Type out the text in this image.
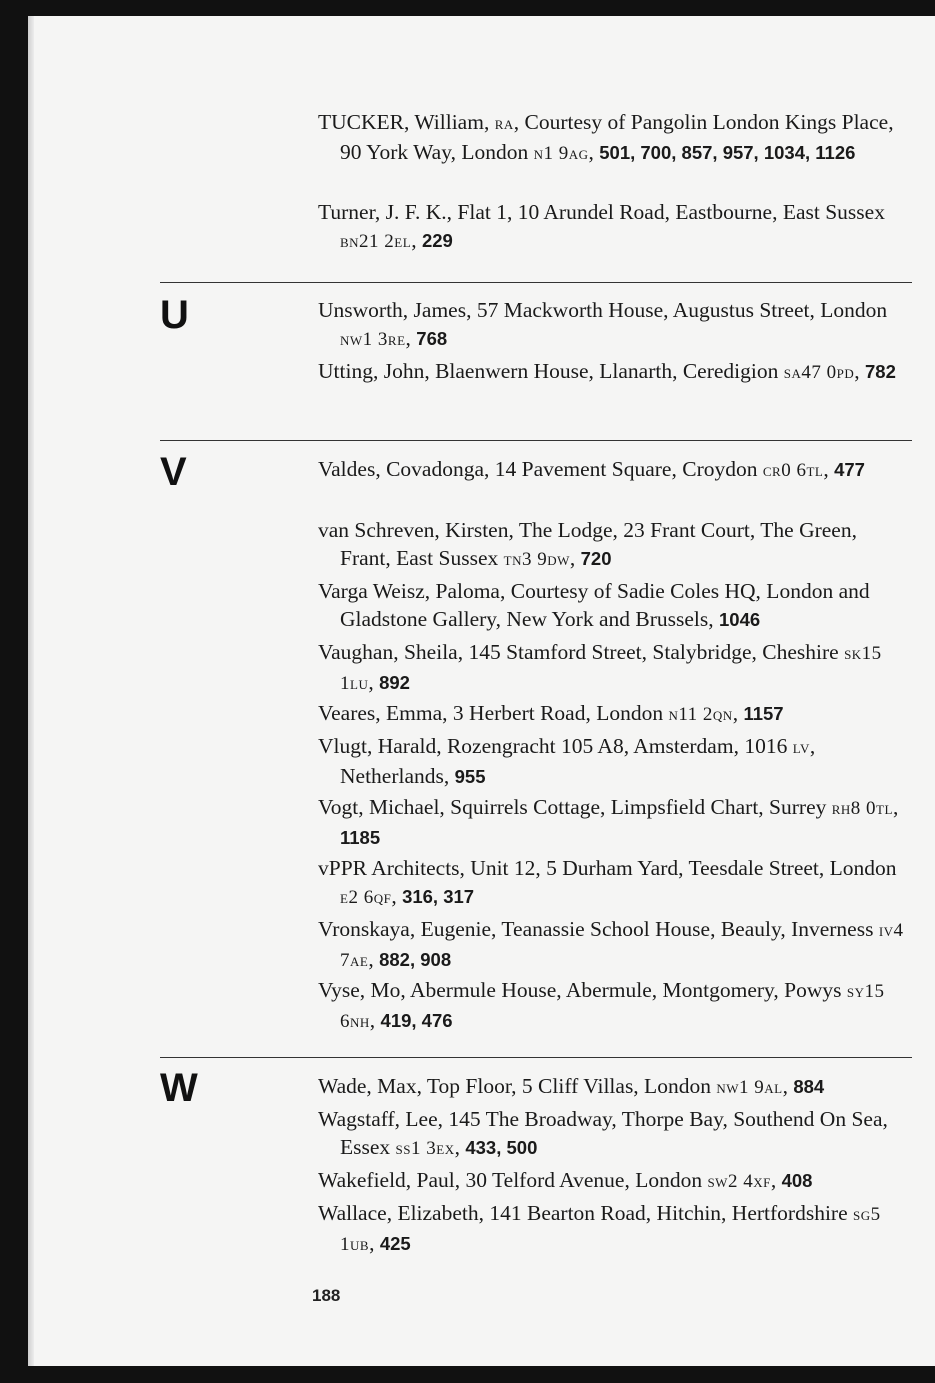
TUCKER, William, ra, Courtesy of Pangolin London Kings Place, 90 York Way, London n1 9ag, 501, 700, 857, 957, 1034, 1126
Turner, J. F. K., Flat 1, 10 Arundel Road, Eastbourne, East Sussex bn21 2el, 229
U	Unsworth, James, 57 Mackworth House, Augustus Street, London nw1 3re, 768
Utting, John, Blaenwern House, Llanarth, Ceredigion sa47 0pd, 782
V	Valdes, Covadonga, 14 Pavement Square, Croydon cr0 6tl, 477
van Schreven, Kirsten, The Lodge, 23 Frant Court, The Green, Frant, East Sussex tn3 9dw, 720
Varga Weisz, Paloma, Courtesy of Sadie Coles HQ, London and Gladstone Gallery, New York and Brussels, 1046
Vaughan, Sheila, 145 Stamford Street, Stalybridge, Cheshire sk15 1lu, 892
Veares, Emma, 3 Herbert Road, London n11 2qn, 1157
Vlugt, Harald, Rozengracht 105 A8, Amsterdam, 1016 lv, Netherlands, 955
Vogt, Michael, Squirrels Cottage, Limpsfield Chart, Surrey rh8 0tl, 1185
vPPR Architects, Unit 12, 5 Durham Yard, Teesdale Street, London e2 6qf, 316, 317
Vronskaya, Eugenie, Teanassie School House, Beauly, Inverness iv4 7ae, 882, 908
Vyse, Mo, Abermule House, Abermule, Montgomery, Powys sy15 6nh, 419, 476
W	Wade, Max, Top Floor, 5 Cliff Villas, London nw1 9al, 884
Wagstaff, Lee, 145 The Broadway, Thorpe Bay, Southend On Sea, Essex ss1 3ex, 433, 500
Wakefield, Paul, 30 Telford Avenue, London sw2 4xf, 408
Wallace, Elizabeth, 141 Bearton Road, Hitchin, Hertfordshire sg5 1ub, 425
188
